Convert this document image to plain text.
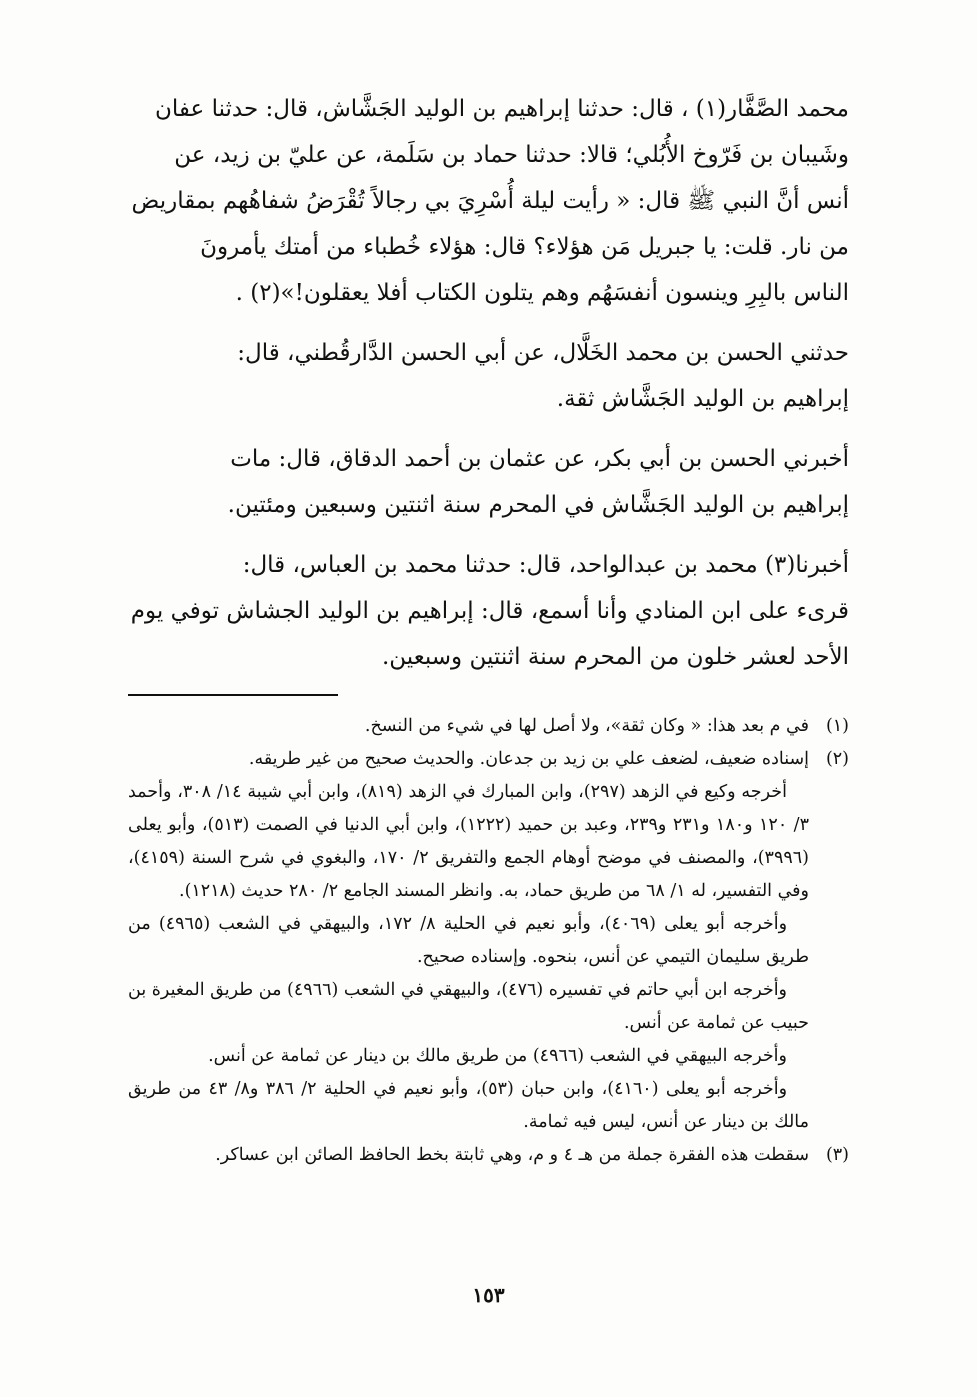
محمد الصَّفَّار(١) ، قال: حدثنا إبراهيم بن الوليد الجَشَّاش، قال: حدثنا عفان

وشَيبان بن فَرّوخ الأُبُلي؛ قالا: حدثنا حماد بن سَلَمة، عن عليّ بن زيد، عن

أنس أنَّ النبي ﷺ قال: « رأيت ليلة أُسْرِيَ بي رجالاً تُقْرَضُ شفاهُهم بمقاريض

من نار. قلت: يا جبريل مَن هؤلاء؟ قال: هؤلاء خُطباء من أمتك يأمرونَ

الناس بالبِرِ وينسون أنفسَهُم وهم يتلون الكتاب أفلا يعقلون!»(٢) .

حدثني الحسن بن محمد الخَلَّال، عن أبي الحسن الدَّارقُطني، قال:

إبراهيم بن الوليد الجَشَّاش ثقة.

أخبرني الحسن بن أبي بكر، عن عثمان بن أحمد الدقاق، قال: مات

إبراهيم بن الوليد الجَشَّاش في المحرم سنة اثنتين وسبعين ومئتين.

أخبرنا(٣) محمد بن عبدالواحد، قال: حدثنا محمد بن العباس، قال:

قرىء على ابن المنادي وأنا أسمع، قال: إبراهيم بن الوليد الجشاش توفي يوم

الأحد لعشر خلون من المحرم سنة اثنتين وسبعين.

(١)

في م بعد هذا: « وكان ثقة»، ولا أصل لها في شيء من النسخ.

(٢)

إسناده ضعيف، لضعف علي بن زيد بن جدعان. والحديث صحيح من غير طريقه.

أخرجه وكيع في الزهد (٢٩٧)، وابن المبارك في الزهد (٨١٩)، وابن أبي شيبة ١٤/ ٣٠٨، وأحمد ٣/ ١٢٠ و١٨٠ و٢٣١ و٢٣٩، وعبد بن حميد (١٢٢٢)، وابن أبي الدنيا في الصمت (٥١٣)، وأبو يعلى (٣٩٩٦)، والمصنف في موضح أوهام الجمع والتفريق ٢/ ١٧٠، والبغوي في شرح السنة (٤١٥٩)، وفي التفسير، له ١/ ٦٨ من طريق حماد، به. وانظر المسند الجامع ٢/ ٢٨٠ حديث (١٢١٨).

وأخرجه أبو يعلى (٤٠٦٩)، وأبو نعيم في الحلية ٨/ ١٧٢، والبيهقي في الشعب (٤٩٦٥) من طريق سليمان التيمي عن أنس، بنحوه. وإسناده صحيح.

وأخرجه ابن أبي حاتم في تفسيره (٤٧٦)، والبيهقي في الشعب (٤٩٦٦) من طريق المغيرة بن حبيب عن ثمامة عن أنس.

وأخرجه البيهقي في الشعب (٤٩٦٦) من طريق مالك بن دينار عن ثمامة عن أنس.

وأخرجه أبو يعلى (٤١٦٠)، وابن حبان (٥٣)، وأبو نعيم في الحلية ٢/ ٣٨٦ و٨/ ٤٣ من طريق مالك بن دينار عن أنس، ليس فيه ثمامة.

(٣)

سقطت هذه الفقرة جملة من هـ ٤ و م، وهي ثابتة بخط الحافظ الصائن ابن عساكر.

١٥٣
